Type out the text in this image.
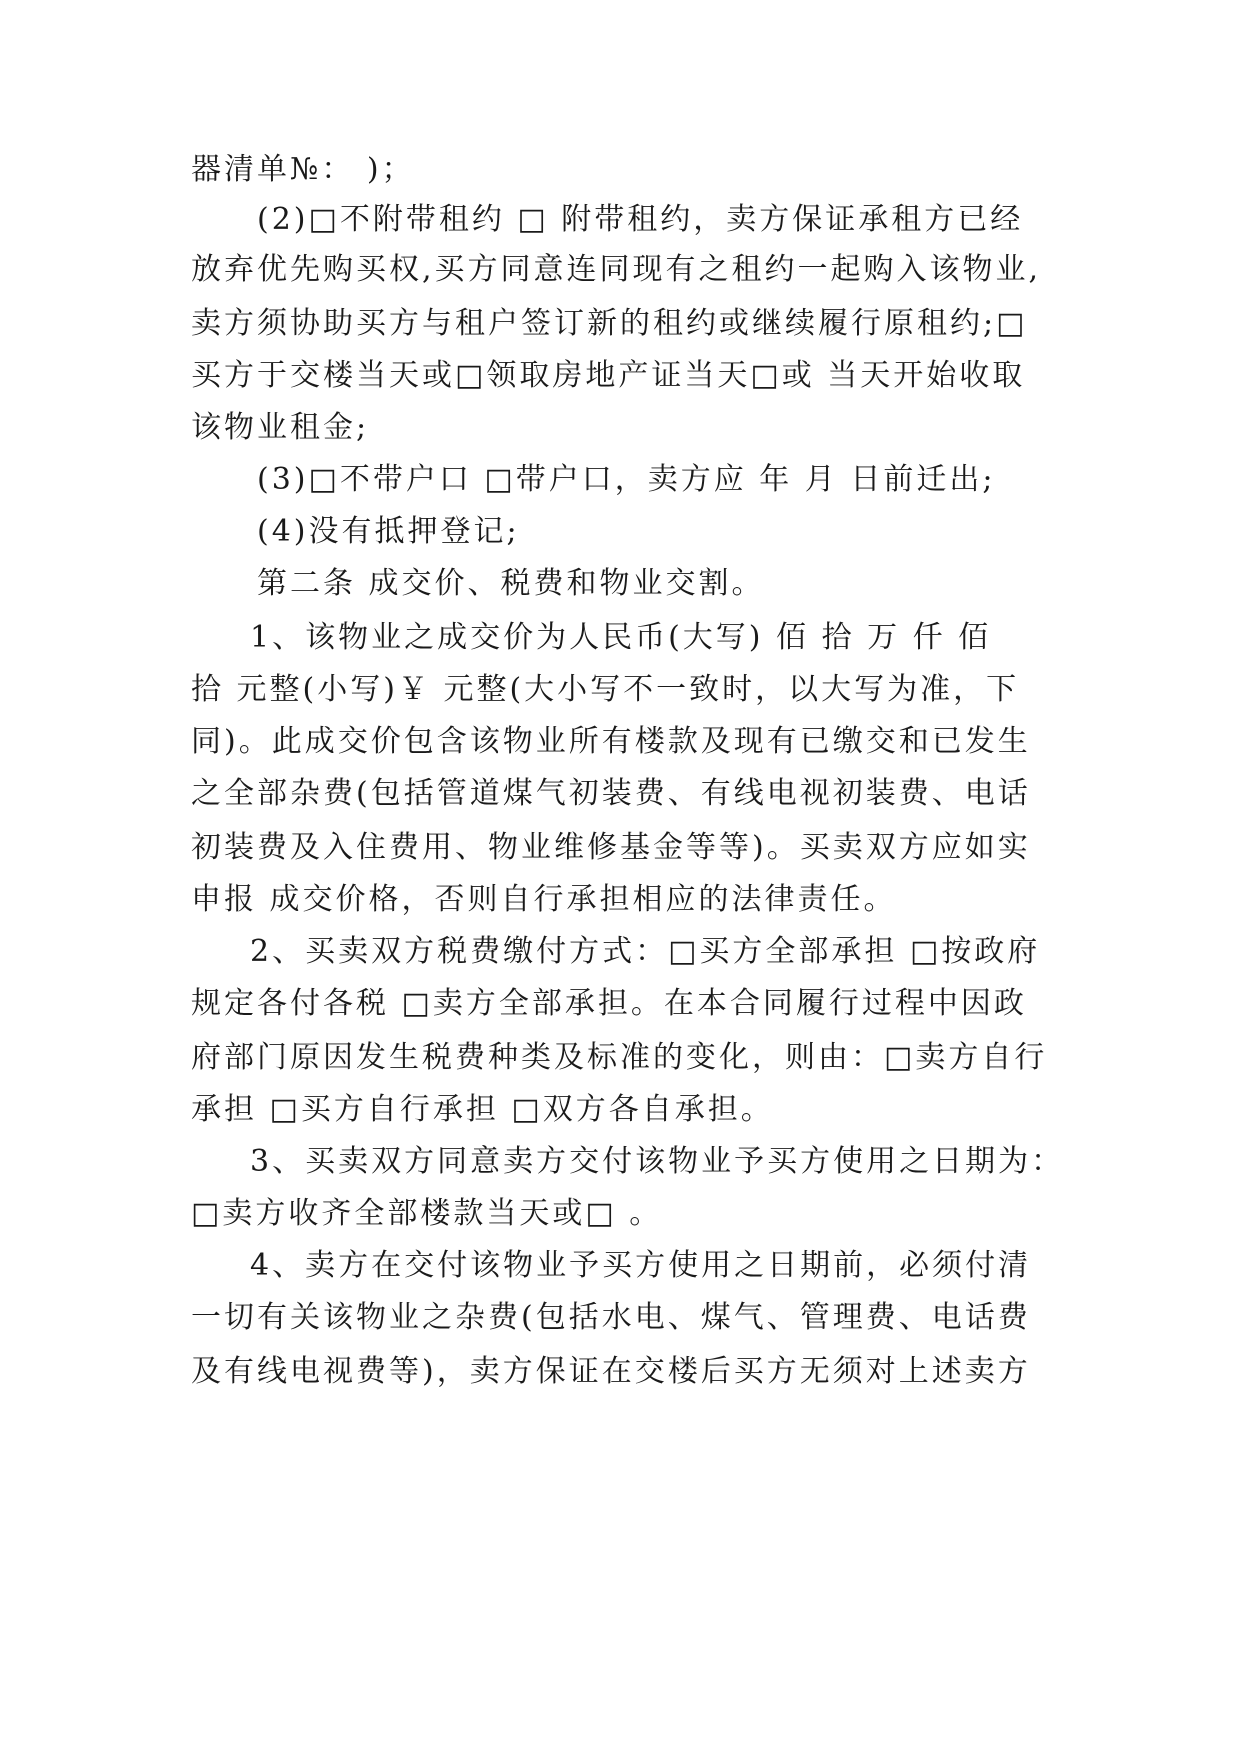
器清单№： )；
(2)□不附带租约 □ 附带租约，卖方保证承租方已经
放弃优先购买权,买方同意连同现有之租约一起购入该物业,
卖方须协助买方与租户签订新的租约或继续履行原租约;□
买方于交楼当天或□领取房地产证当天□或 当天开始收取
该物业租金;
(3)□不带户口 □带户口，卖方应 年 月 日前迁出;
(4)没有抵押登记;
第二条 成交价、税费和物业交割。
1、该物业之成交价为人民币(大写) 佰 拾 万 仟 佰
拾 元整(小写)￥ 元整(大小写不一致时，以大写为准，下
同)。此成交价包含该物业所有楼款及现有已缴交和已发生
之全部杂费(包括管道煤气初装费、有线电视初装费、电话
初装费及入住费用、物业维修基金等等)。买卖双方应如实
申报 成交价格，否则自行承担相应的法律责任。
2、买卖双方税费缴付方式：□买方全部承担 □按政府
规定各付各税 □卖方全部承担。在本合同履行过程中因政
府部门原因发生税费种类及标准的变化，则由：□卖方自行
承担 □买方自行承担 □双方各自承担。
3、买卖双方同意卖方交付该物业予买方使用之日期为：
□卖方收齐全部楼款当天或□ 。
4、卖方在交付该物业予买方使用之日期前，必须付清
一切有关该物业之杂费(包括水电、煤气、管理费、电话费
及有线电视费等)，卖方保证在交楼后买方无须对上述卖方
